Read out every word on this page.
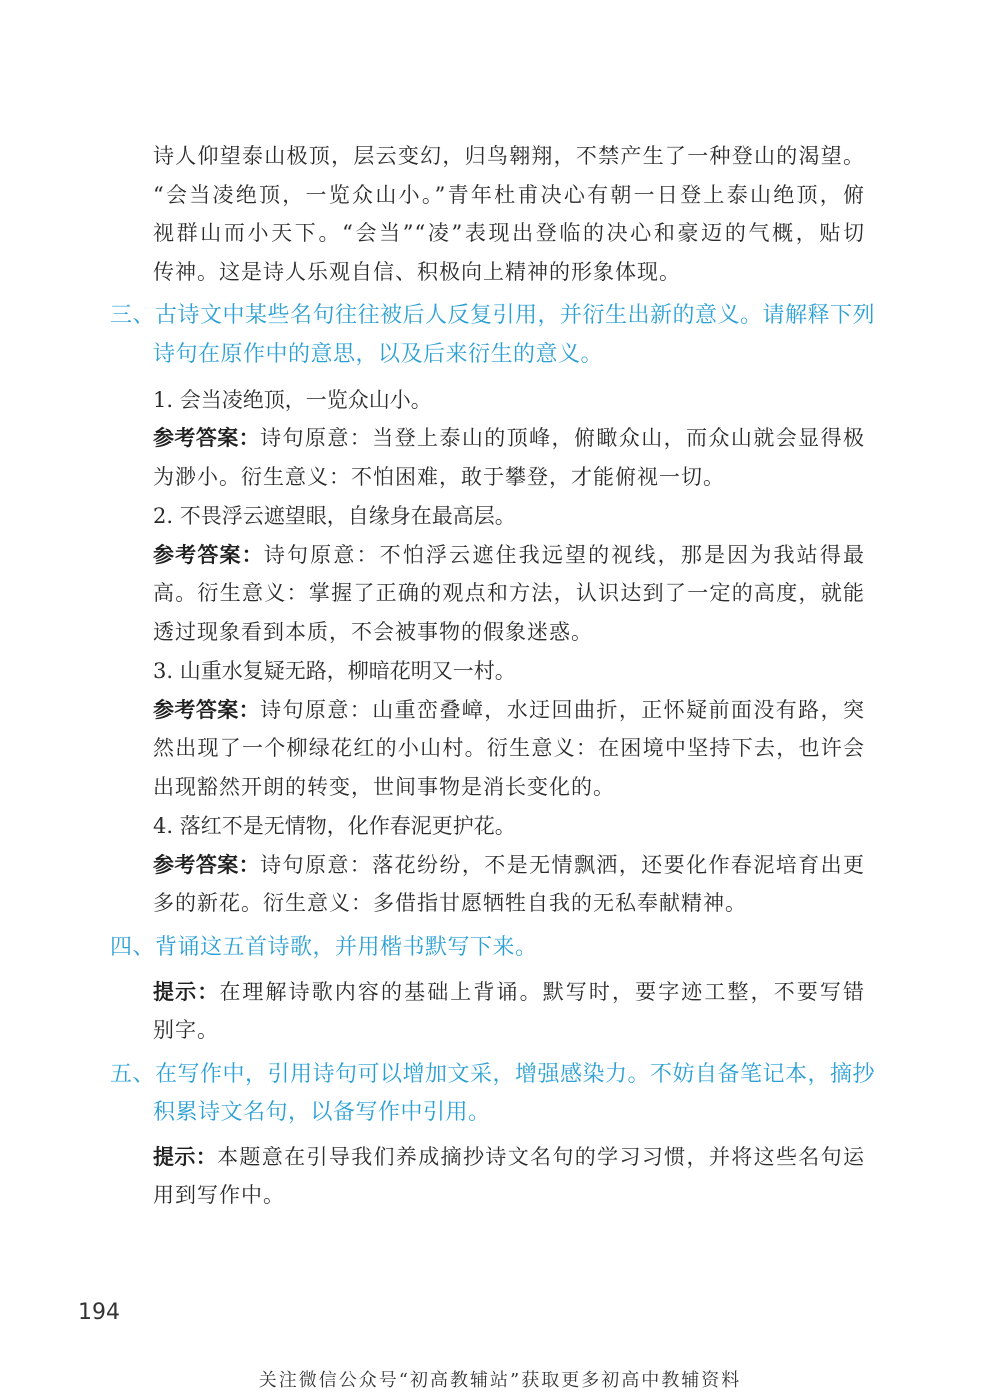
诗人仰望泰山极顶，层云变幻，归鸟翱翔，不禁产生了一种登山的渴望。
“会当凌绝顶，一览众山小。”青年杜甫决心有朝一日登上泰山绝顶，俯
视群山而小天下。“会当”“凌”表现出登临的决心和豪迈的气概，贴切
传神。这是诗人乐观自信、积极向上精神的形象体现。
三、古诗文中某些名句往往被后人反复引用，并衍生出新的意义。请解释下列
诗句在原作中的意思，以及后来衍生的意义。
1. 会当凌绝顶，一览众山小。
参考答案：诗句原意：当登上泰山的顶峰，俯瞰众山，而众山就会显得极
为渺小。衍生意义：不怕困难，敢于攀登，才能俯视一切。
2. 不畏浮云遮望眼，自缘身在最高层。
参考答案：诗句原意：不怕浮云遮住我远望的视线，那是因为我站得最
高。衍生意义：掌握了正确的观点和方法，认识达到了一定的高度，就能
透过现象看到本质，不会被事物的假象迷惑。
3. 山重水复疑无路，柳暗花明又一村。
参考答案：诗句原意：山重峦叠嶂，水迂回曲折，正怀疑前面没有路，突
然出现了一个柳绿花红的小山村。衍生意义：在困境中坚持下去，也许会
出现豁然开朗的转变，世间事物是消长变化的。
4. 落红不是无情物，化作春泥更护花。
参考答案：诗句原意：落花纷纷，不是无情飘洒，还要化作春泥培育出更
多的新花。衍生意义：多借指甘愿牺牲自我的无私奉献精神。
四、背诵这五首诗歌，并用楷书默写下来。
提示：在理解诗歌内容的基础上背诵。默写时，要字迹工整，不要写错
别字。
五、在写作中，引用诗句可以增加文采，增强感染力。不妨自备笔记本，摘抄
积累诗文名句，以备写作中引用。
提示：本题意在引导我们养成摘抄诗文名句的学习习惯，并将这些名句运
用到写作中。
194
关注微信公众号“初高教辅站”获取更多初高中教辅资料
